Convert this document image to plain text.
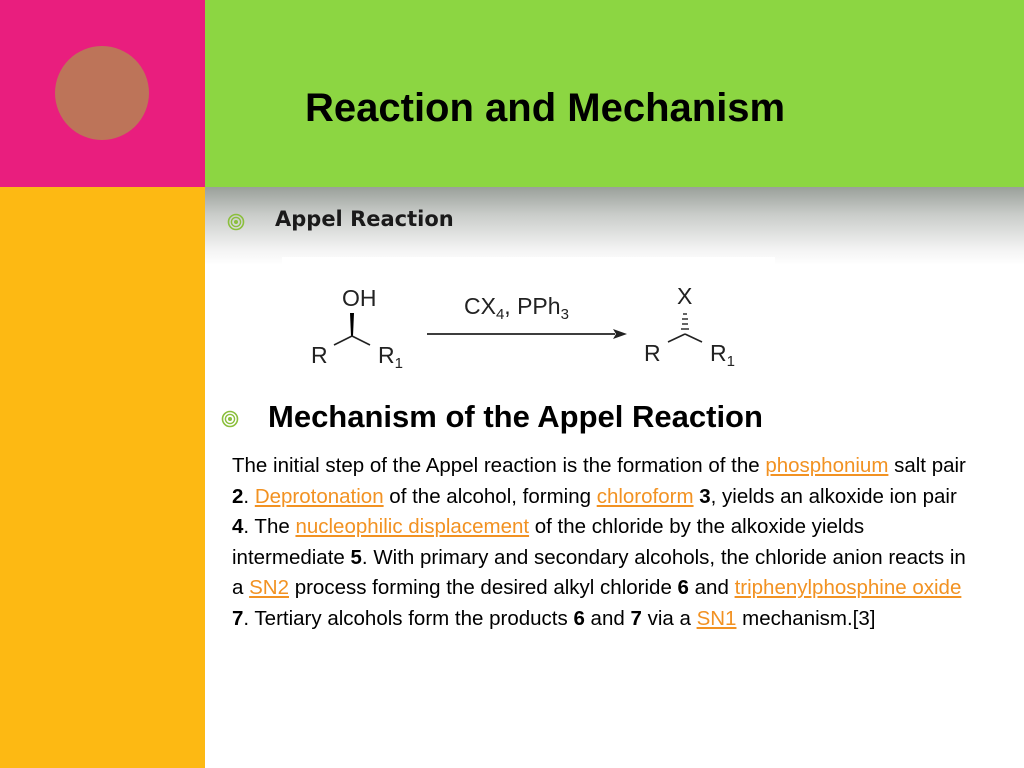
Reaction and Mechanism
Appel Reaction
OH
R $R_1$
$CX_4$, PPh$_3$
X
R $R_1$
Mechanism of the Appel Reaction

The initial step of the Appel reaction is the formation of the phosphonium salt pair 2. Deprotonation of the alcohol, forming chloroform 3, yields an alkoxide ion pair 4. The nucleophilic displacement of the chloride by the alkoxide yields intermediate 5. With primary and secondary alcohols, the chloride anion reacts in a SN2 process forming the desired alkyl chloride 6 and triphenylphosphine oxide 7. Tertiary alcohols form the products 6 and 7 via a SN1 mechanism.[3]
